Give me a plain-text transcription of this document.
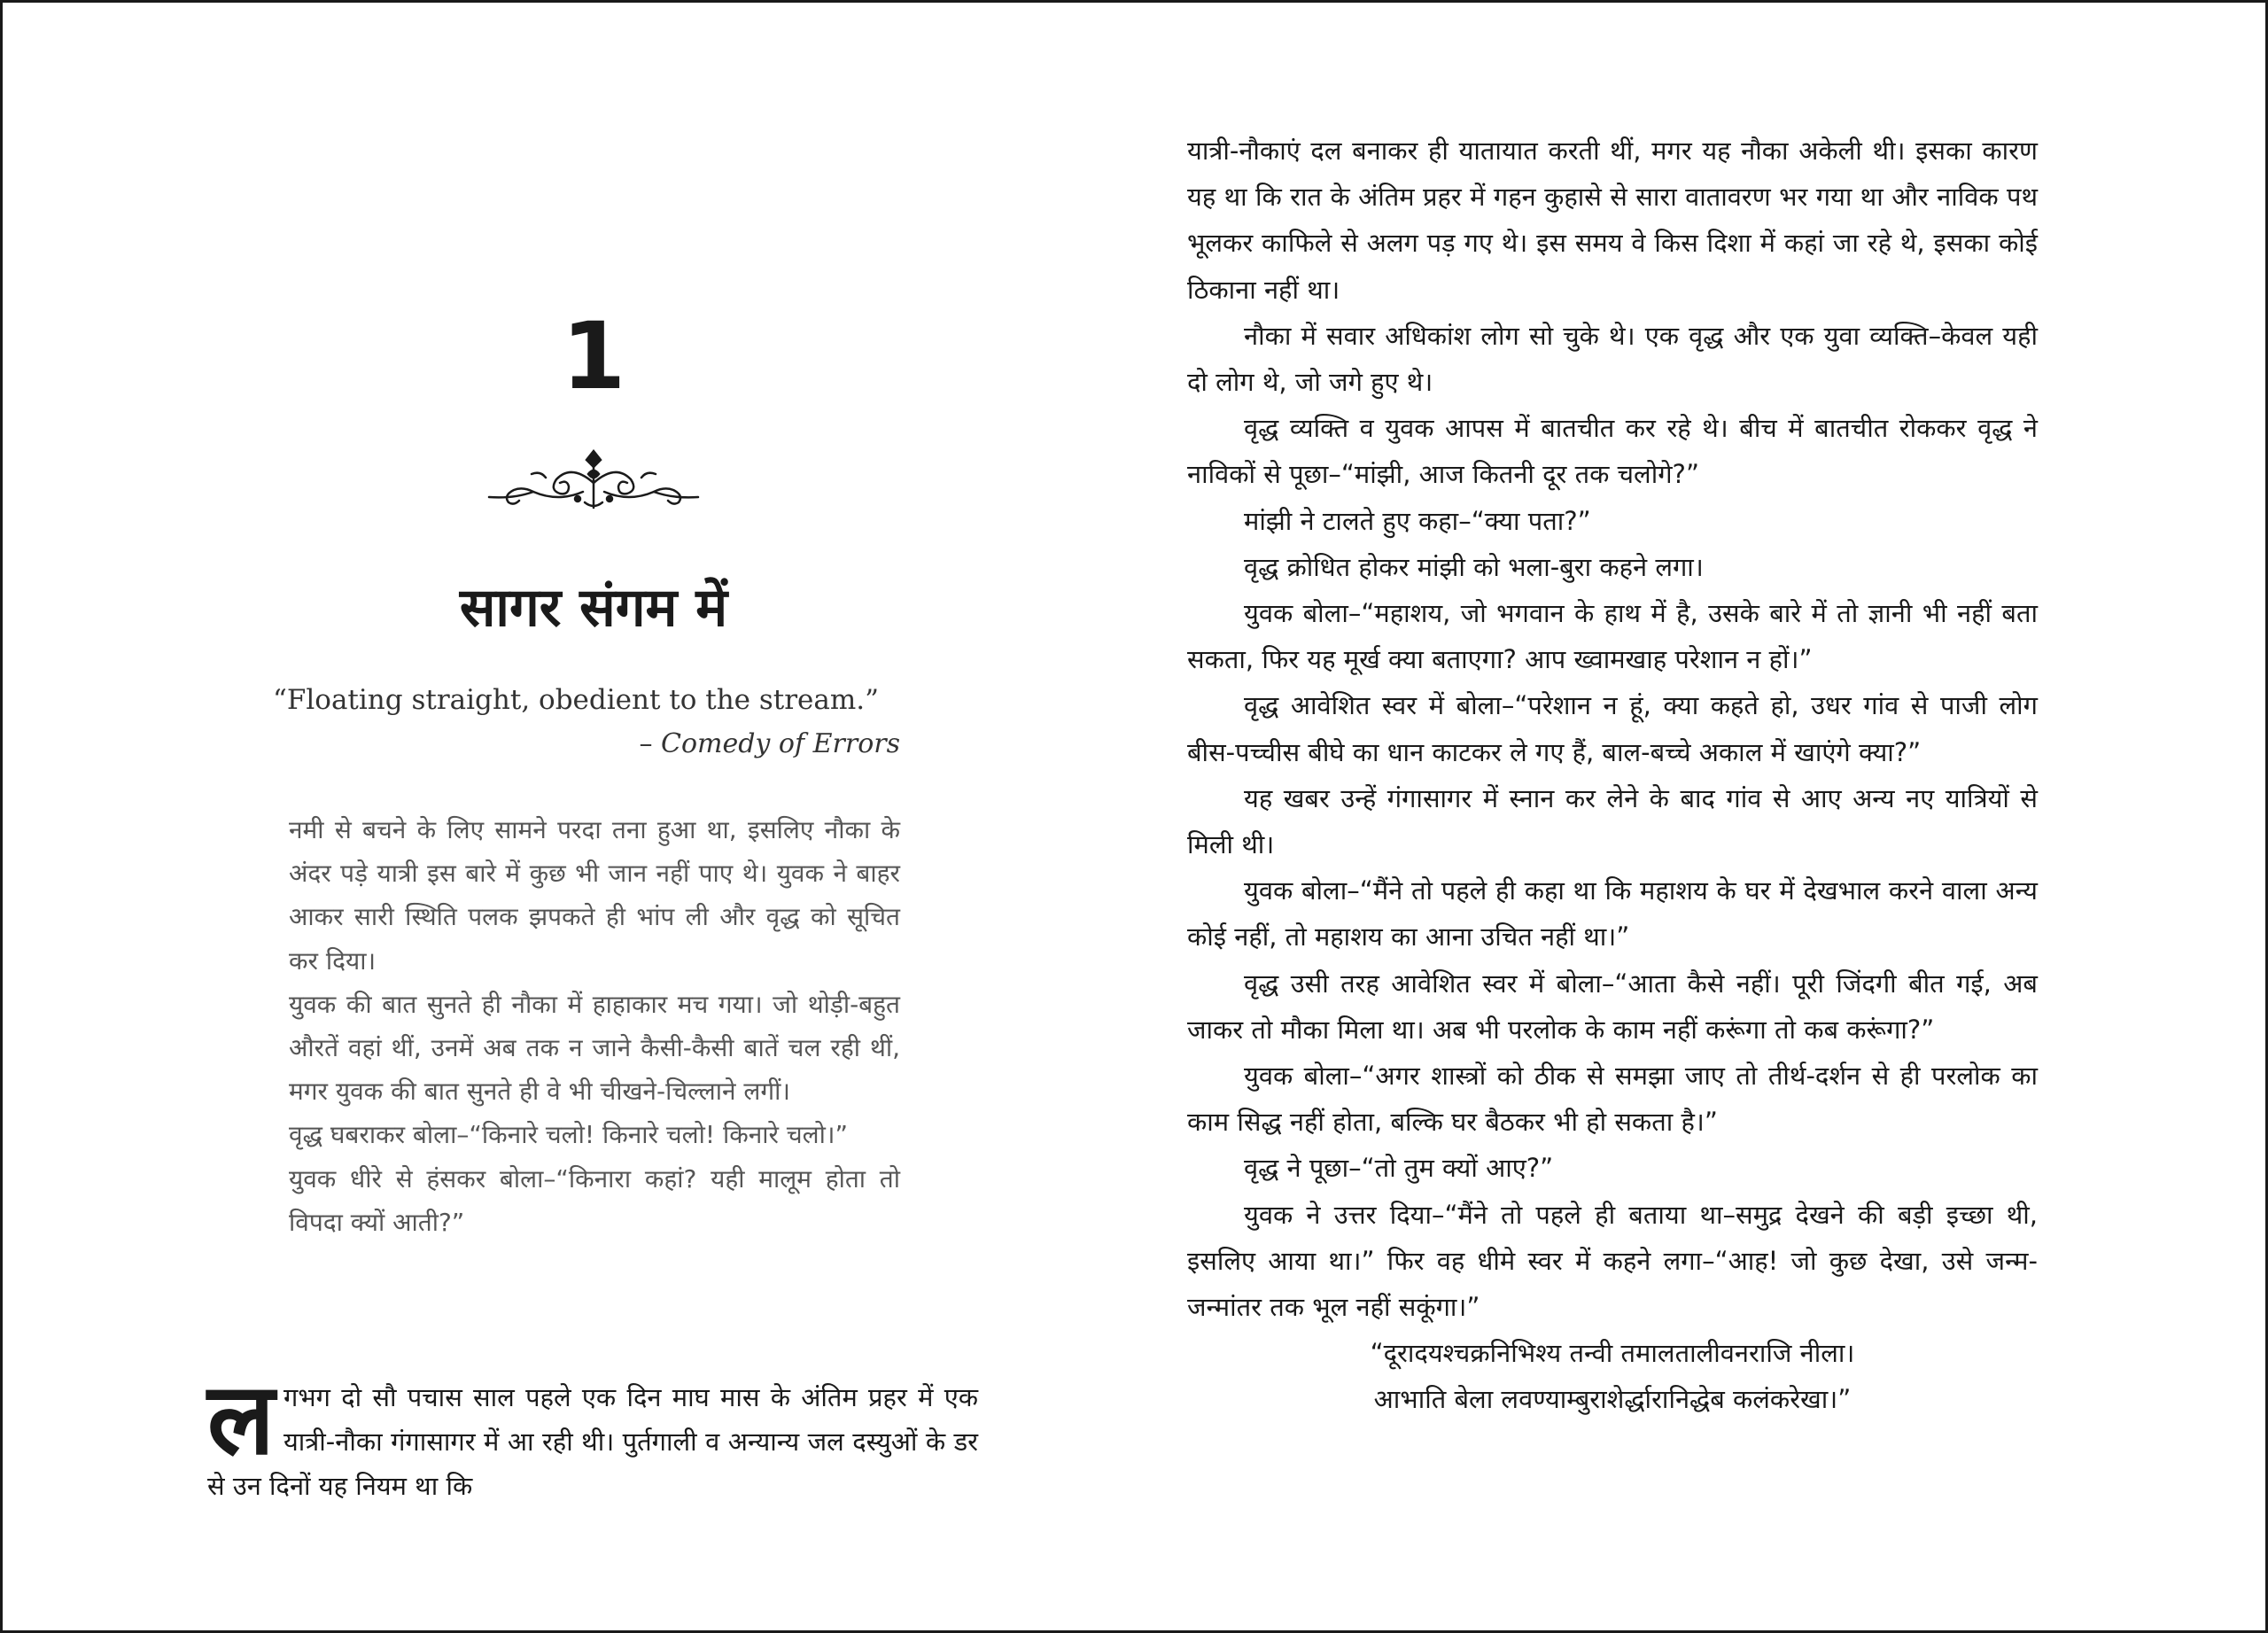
1
सागर संगम में
“Floating straight, obedient to the stream.”
– Comedy of Errors

नमी से बचने के लिए सामने परदा तना हुआ था, इसलिए नौका के अंदर पड़े यात्री इस बारे में कुछ भी जान नहीं पाए थे। युवक ने बाहर आकर सारी स्थिति पलक झपकते ही भांप ली और वृद्ध को सूचित कर दिया।

युवक की बात सुनते ही नौका में हाहाकार मच गया। जो थोड़ी-बहुत औरतें वहां थीं, उनमें अब तक न जाने कैसी-कैसी बातें चल रही थीं, मगर युवक की बात सुनते ही वे भी चीखने-चिल्लाने लगीं।

वृद्ध घबराकर बोला–“किनारे चलो! किनारे चलो! किनारे चलो।”

युवक धीरे से हंसकर बोला–“किनारा कहां? यही मालूम होता तो विपदा क्यों आती?”

लगभग दो सौ पचास साल पहले एक दिन माघ मास के अंतिम प्रहर में एक यात्री-नौका गंगासागर में आ रही थी। पुर्तगाली व अन्यान्य जल दस्युओं के डर से उन दिनों यह नियम था कि

यात्री-नौकाएं दल बनाकर ही यातायात करती थीं, मगर यह नौका अकेली थी। इसका कारण यह था कि रात के अंतिम प्रहर में गहन कुहासे से सारा वातावरण भर गया था और नाविक पथ भूलकर काफिले से अलग पड़ गए थे। इस समय वे किस दिशा में कहां जा रहे थे, इसका कोई ठिकाना नहीं था।

नौका में सवार अधिकांश लोग सो चुके थे। एक वृद्ध और एक युवा व्यक्ति–केवल यही दो लोग थे, जो जगे हुए थे।

वृद्ध व्यक्ति व युवक आपस में बातचीत कर रहे थे। बीच में बातचीत रोककर वृद्ध ने नाविकों से पूछा–“मांझी, आज कितनी दूर तक चलोगे?”

मांझी ने टालते हुए कहा–“क्या पता?”

वृद्ध क्रोधित होकर मांझी को भला-बुरा कहने लगा।

युवक बोला–“महाशय, जो भगवान के हाथ में है, उसके बारे में तो ज्ञानी भी नहीं बता सकता, फिर यह मूर्ख क्या बताएगा? आप ख्वामखाह परेशान न हों।”

वृद्ध आवेशित स्वर में बोला–“परेशान न हूं, क्या कहते हो, उधर गांव से पाजी लोग बीस-पच्चीस बीघे का धान काटकर ले गए हैं, बाल-बच्चे अकाल में खाएंगे क्या?”

यह खबर उन्हें गंगासागर में स्नान कर लेने के बाद गांव से आए अन्य नए यात्रियों से मिली थी।

युवक बोला–“मैंने तो पहले ही कहा था कि महाशय के घर में देखभाल करने वाला अन्य कोई नहीं, तो महाशय का आना उचित नहीं था।”

वृद्ध उसी तरह आवेशित स्वर में बोला–“आता कैसे नहीं। पूरी जिंदगी बीत गई, अब जाकर तो मौका मिला था। अब भी परलोक के काम नहीं करूंगा तो कब करूंगा?”

युवक बोला–“अगर शास्त्रों को ठीक से समझा जाए तो तीर्थ-दर्शन से ही परलोक का काम सिद्ध नहीं होता, बल्कि घर बैठकर भी हो सकता है।”

वृद्ध ने पूछा–“तो तुम क्यों आए?”

युवक ने उत्तर दिया–“मैंने तो पहले ही बताया था–समुद्र देखने की बड़ी इच्छा थी, इसलिए आया था।” फिर वह धीमे स्वर में कहने लगा–“आह! जो कुछ देखा, उसे जन्म-जन्मांतर तक भूल नहीं सकूंगा।”

“दूरादयश्चक्रनिभिश्य तन्वी तमालतालीवनराजि नीला।

आभाति बेला लवण्याम्बुराशेर्द्धारानिद्धेब कलंकरेखा।”
